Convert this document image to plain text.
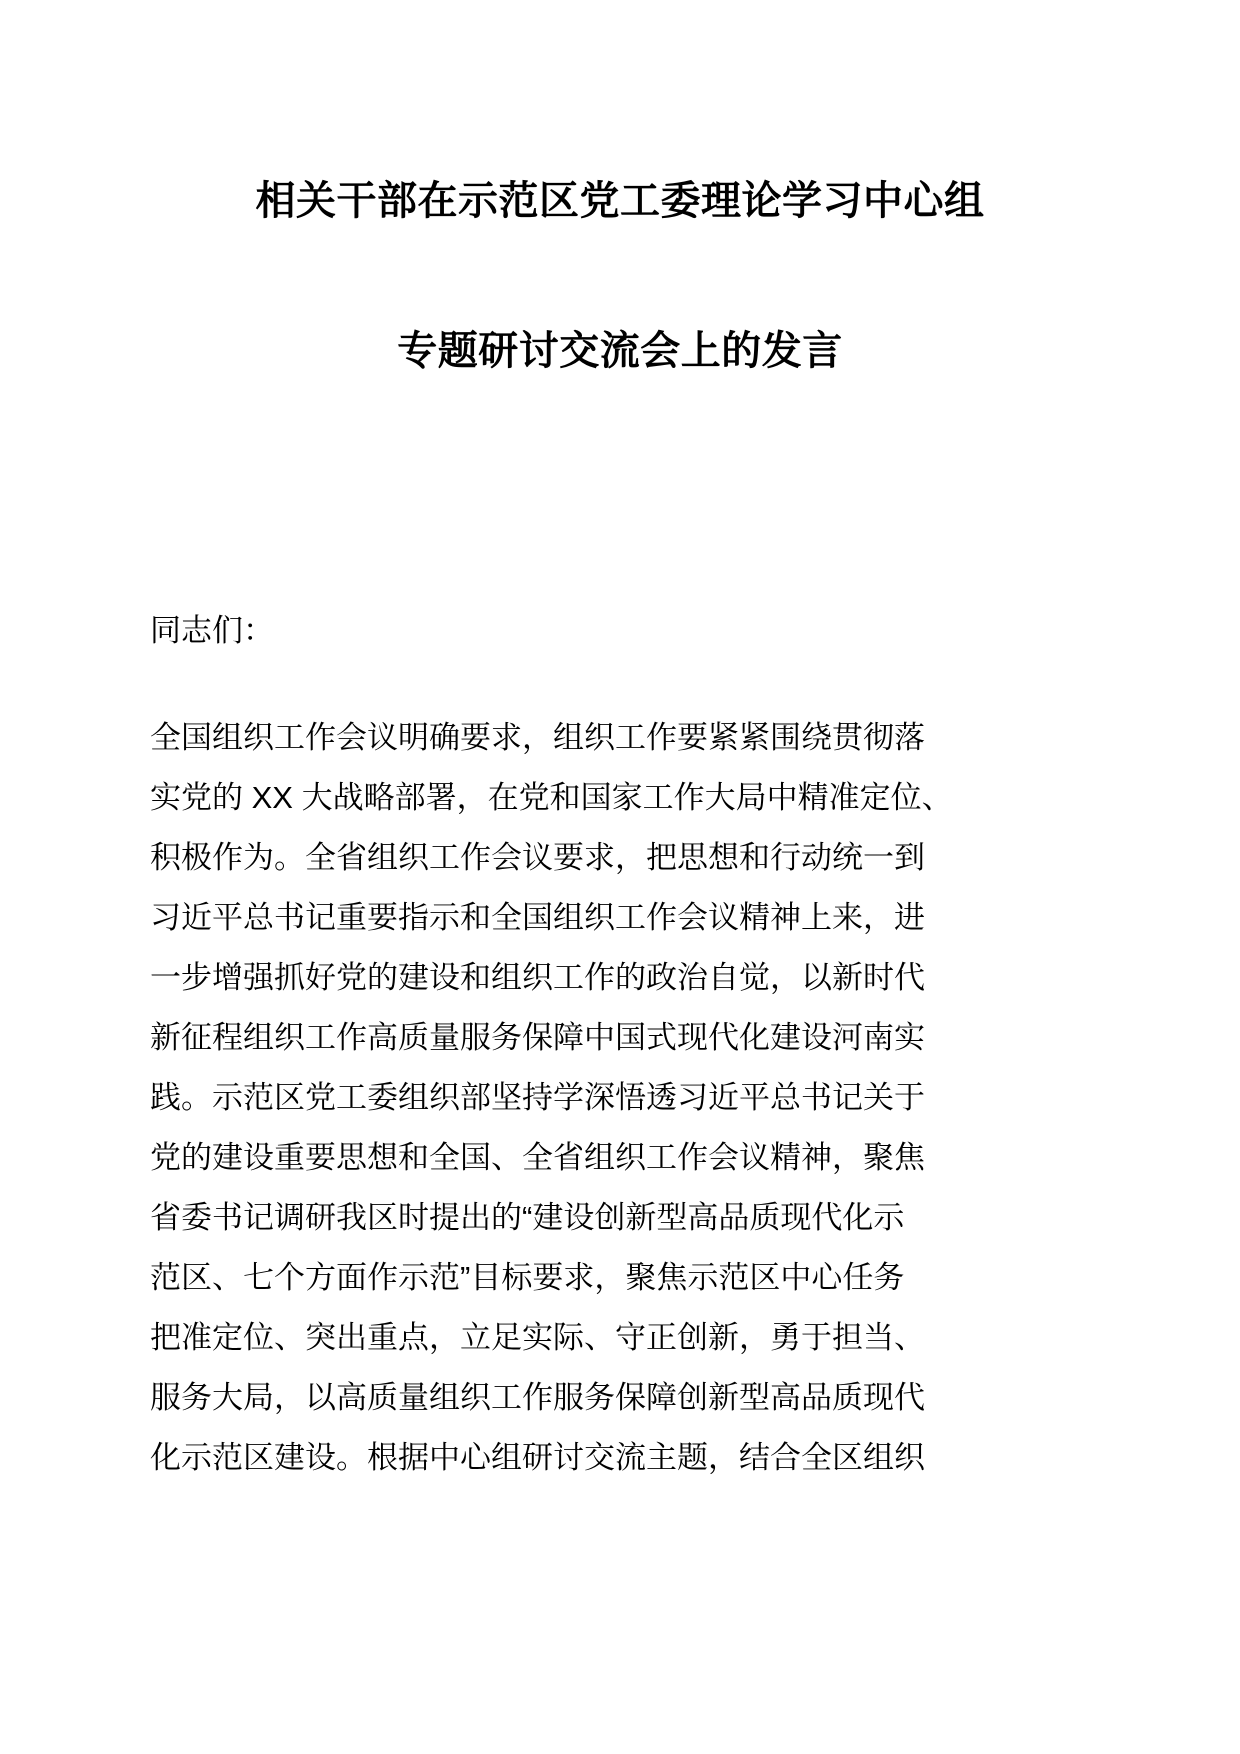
相关干部在示范区党工委理论学习中心组
专题研讨交流会上的发言

同志们：

全国组织工作会议明确要求，组织工作要紧紧围绕贯彻落
实党的 XX 大战略部署，在党和国家工作大局中精准定位、
积极作为。全省组织工作会议要求，把思想和行动统一到
习近平总书记重要指示和全国组织工作会议精神上来，进
一步增强抓好党的建设和组织工作的政治自觉，以新时代
新征程组织工作高质量服务保障中国式现代化建设河南实
践。示范区党工委组织部坚持学深悟透习近平总书记关于
党的建设重要思想和全国、全省组织工作会议精神，聚焦
省委书记调研我区时提出的“建设创新型高品质现代化示
范区、七个方面作示范”目标要求，聚焦示范区中心任务
把准定位、突出重点，立足实际、守正创新，勇于担当、
服务大局，以高质量组织工作服务保障创新型高品质现代
化示范区建设。根据中心组研讨交流主题，结合全区组织
